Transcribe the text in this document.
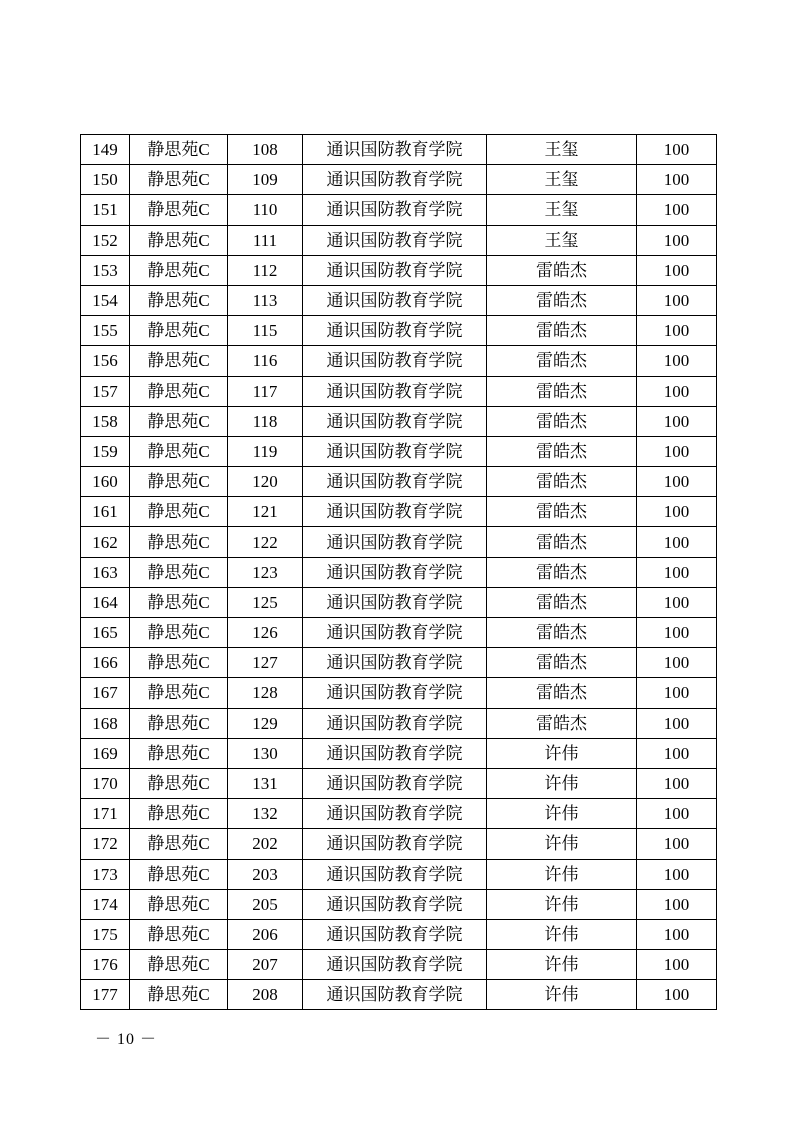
149	静思苑C	108	通识国防教育学院	王玺	100
150	静思苑C	109	通识国防教育学院	王玺	100
151	静思苑C	110	通识国防教育学院	王玺	100
152	静思苑C	111	通识国防教育学院	王玺	100
153	静思苑C	112	通识国防教育学院	雷皓杰	100
154	静思苑C	113	通识国防教育学院	雷皓杰	100
155	静思苑C	115	通识国防教育学院	雷皓杰	100
156	静思苑C	116	通识国防教育学院	雷皓杰	100
157	静思苑C	117	通识国防教育学院	雷皓杰	100
158	静思苑C	118	通识国防教育学院	雷皓杰	100
159	静思苑C	119	通识国防教育学院	雷皓杰	100
160	静思苑C	120	通识国防教育学院	雷皓杰	100
161	静思苑C	121	通识国防教育学院	雷皓杰	100
162	静思苑C	122	通识国防教育学院	雷皓杰	100
163	静思苑C	123	通识国防教育学院	雷皓杰	100
164	静思苑C	125	通识国防教育学院	雷皓杰	100
165	静思苑C	126	通识国防教育学院	雷皓杰	100
166	静思苑C	127	通识国防教育学院	雷皓杰	100
167	静思苑C	128	通识国防教育学院	雷皓杰	100
168	静思苑C	129	通识国防教育学院	雷皓杰	100
169	静思苑C	130	通识国防教育学院	许伟	100
170	静思苑C	131	通识国防教育学院	许伟	100
171	静思苑C	132	通识国防教育学院	许伟	100
172	静思苑C	202	通识国防教育学院	许伟	100
173	静思苑C	203	通识国防教育学院	许伟	100
174	静思苑C	205	通识国防教育学院	许伟	100
175	静思苑C	206	通识国防教育学院	许伟	100
176	静思苑C	207	通识国防教育学院	许伟	100
177	静思苑C	208	通识国防教育学院	许伟	100
－ 10 －
